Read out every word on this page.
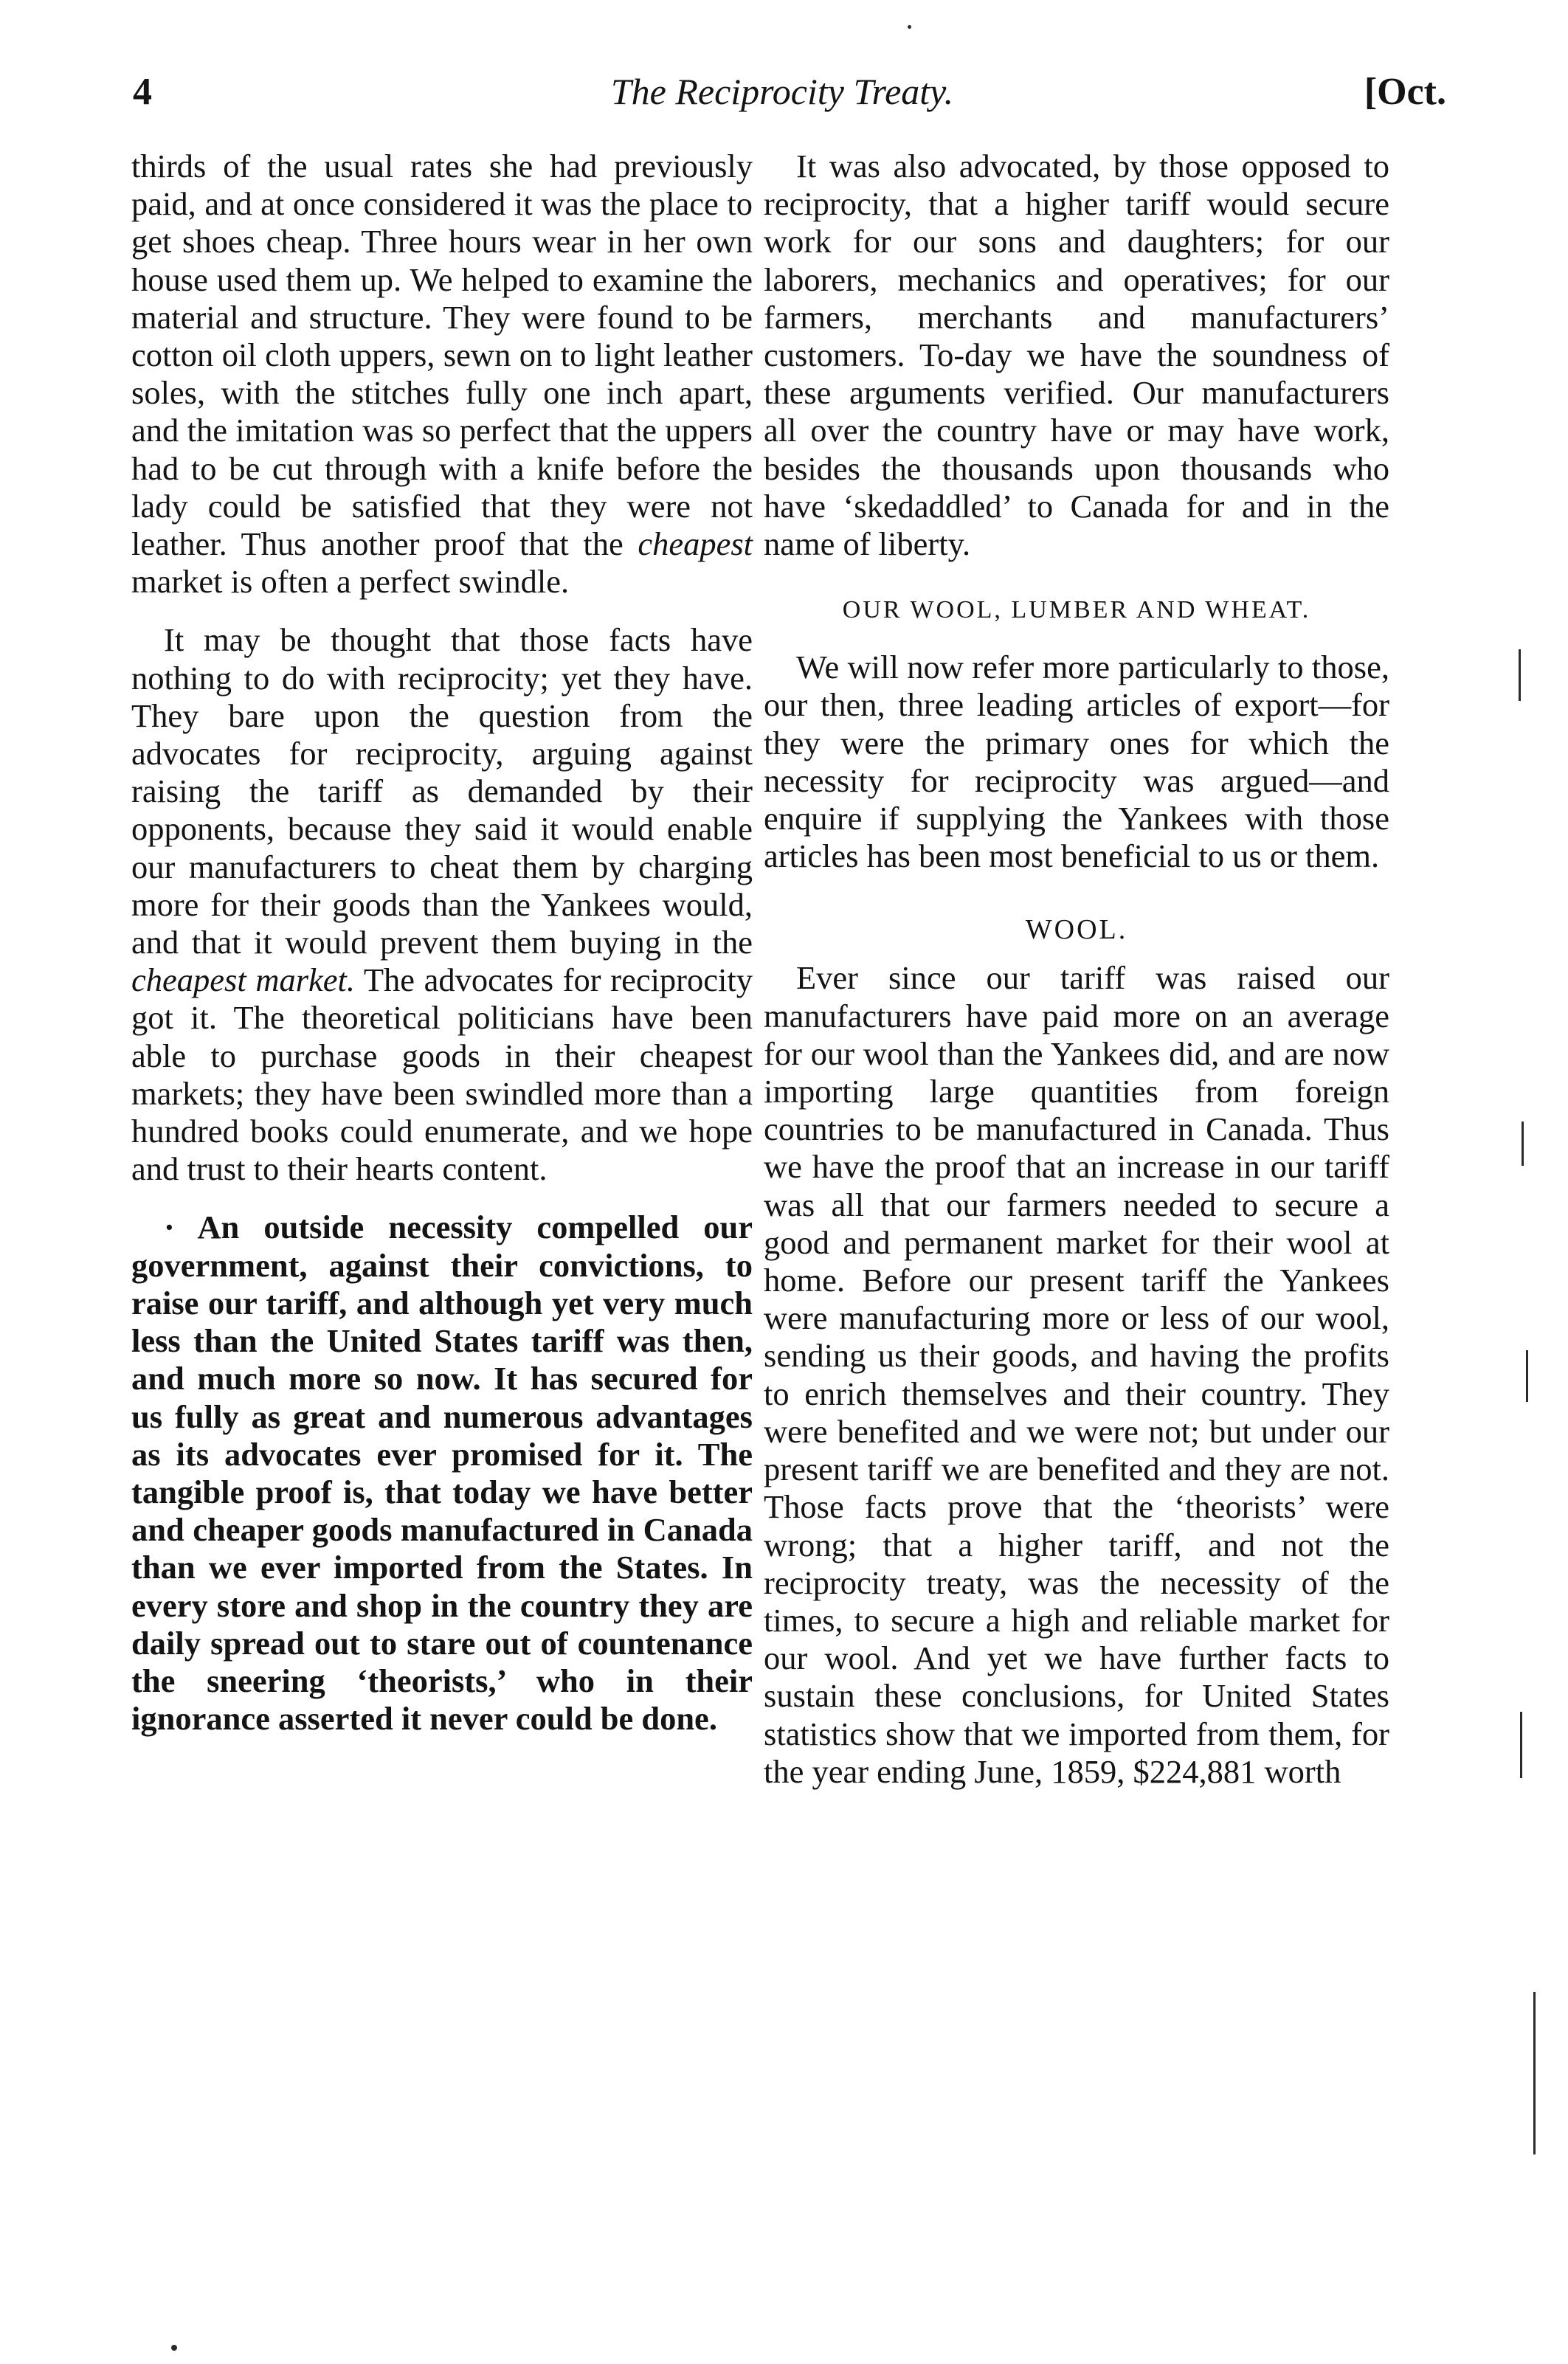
4	The Reciprocity Treaty.	[Oct.

thirds of the usual rates she had previously paid, and at once considered it was the place to get shoes cheap. Three hours wear in her own house used them up. We helped to examine the material and structure. They were found to be cotton oil cloth uppers, sewn on to light leather soles, with the stitches fully one inch apart, and the imitation was so perfect that the uppers had to be cut through with a knife before the lady could be satisfied that they were not leather. Thus another proof that the cheapest market is often a perfect swindle.

It may be thought that those facts have nothing to do with reciprocity; yet they have. They bare upon the question from the advocates for reciprocity, arguing against raising the tariff as demanded by their opponents, because they said it would enable our manufacturers to cheat them by charging more for their goods than the Yankees would, and that it would prevent them buying in the cheapest market. The advocates for reciprocity got it. The theoretical politicians have been able to purchase goods in their cheapest markets; they have been swindled more than a hundred books could enumerate, and we hope and trust to their hearts content.

· An outside necessity compelled our government, against their convictions, to raise our tariff, and although yet very much less than the United States tariff was then, and much more so now. It has secured for us fully as great and numerous advantages as its advocates ever promised for it. The tangible proof is, that today we have better and cheaper goods manufactured in Canada than we ever imported from the States. In every store and shop in the country they are daily spread out to stare out of countenance the sneering ‘theorists,’ who in their ignorance asserted it never could be done.

It was also advocated, by those opposed to reciprocity, that a higher tariff would secure work for our sons and daughters; for our laborers, mechanics and operatives; for our farmers, merchants and manufacturers’ customers. To-day we have the soundness of these arguments verified. Our manufacturers all over the country have or may have work, besides the thousands upon thousands who have ‘skedaddled’ to Canada for and in the name of liberty.

OUR WOOL, LUMBER AND WHEAT.

We will now refer more particularly to those, our then, three leading articles of export—for they were the primary ones for which the necessity for reciprocity was argued—and enquire if supplying the Yankees with those articles has been most beneficial to us or them.

WOOL.

Ever since our tariff was raised our manufacturers have paid more on an average for our wool than the Yankees did, and are now importing large quantities from foreign countries to be manufactured in Canada. Thus we have the proof that an increase in our tariff was all that our farmers needed to secure a good and permanent market for their wool at home. Before our present tariff the Yankees were manufacturing more or less of our wool, sending us their goods, and having the profits to enrich themselves and their country. They were benefited and we were not; but under our present tariff we are benefited and they are not. Those facts prove that the ‘theorists’ were wrong; that a higher tariff, and not the reciprocity treaty, was the necessity of the times, to secure a high and reliable market for our wool. And yet we have further facts to sustain these conclusions, for United States statistics show that we imported from them, for the year ending June, 1859, $224,881 worth
